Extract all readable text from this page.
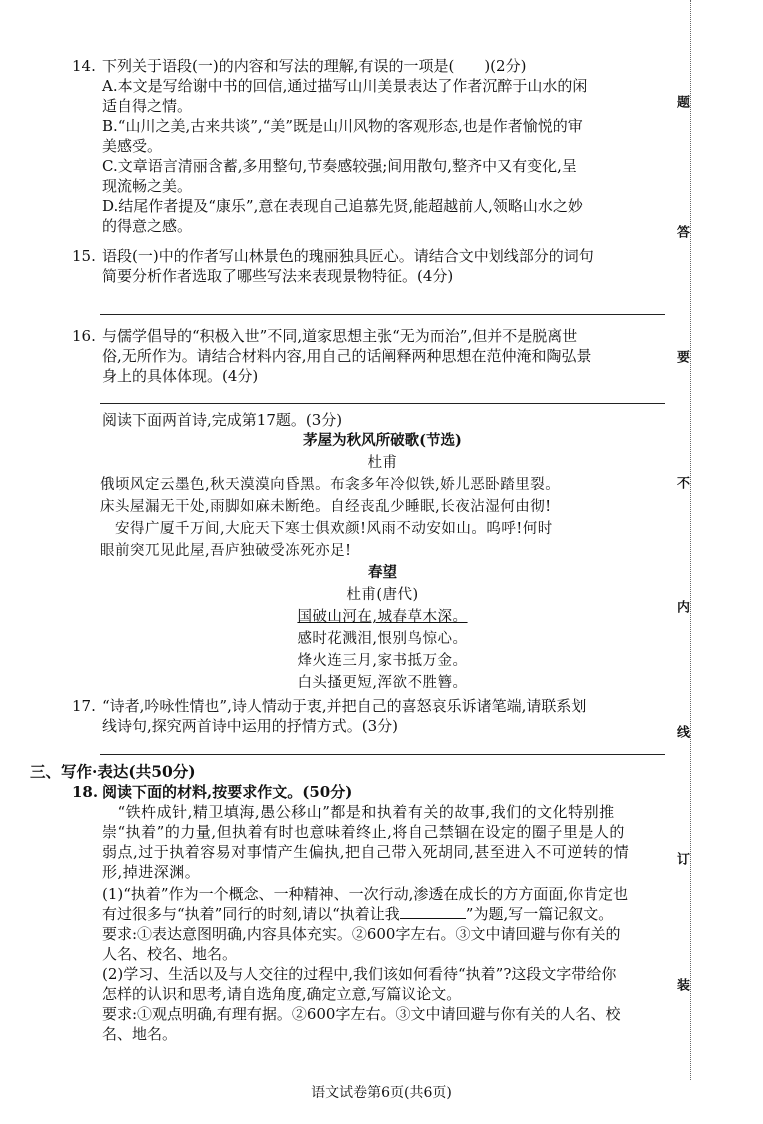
14. 下列关于语段(一)的内容和写法的理解,有误的一项是(　　)(2分)
A.本文是写给谢中书的回信,通过描写山川美景表达了作者沉醉于山水的闲
适自得之情。
B.“山川之美,古来共谈”,“美”既是山川风物的客观形态,也是作者愉悦的审
美感受。
C.文章语言清丽含蓄,多用整句,节奏感较强;间用散句,整齐中又有变化,呈
现流畅之美。
D.结尾作者提及“康乐”,意在表现自己追慕先贤,能超越前人,领略山水之妙
的得意之感。
15. 语段(一)中的作者写山林景色的瑰丽独具匠心。请结合文中划线部分的词句
简要分析作者选取了哪些写法来表现景物特征。(4分)
16. 与儒学倡导的“积极入世”不同,道家思想主张“无为而治”,但并不是脱离世
俗,无所作为。请结合材料内容,用自己的话阐释两种思想在范仲淹和陶弘景
身上的具体体现。(4分)
阅读下面两首诗,完成第17题。(3分)
茅屋为秋风所破歌(节选)
杜甫
俄顷风定云墨色,秋天漠漠向昏黑。布衾多年冷似铁,娇儿恶卧踏里裂。
床头屋漏无干处,雨脚如麻未断绝。自经丧乱少睡眠,长夜沾湿何由彻!
　安得广厦千万间,大庇天下寒士俱欢颜!风雨不动安如山。呜呼!何时
眼前突兀见此屋,吾庐独破受冻死亦足!
春望
杜甫(唐代)
国破山河在,城春草木深。
感时花溅泪,恨别鸟惊心。
烽火连三月,家书抵万金。
白头搔更短,浑欲不胜簪。
17. “诗者,吟咏性情也”,诗人情动于衷,并把自己的喜怒哀乐诉诸笔端,请联系划
线诗句,探究两首诗中运用的抒情方式。(3分)
三、写作·表达(共50分)
18. 阅读下面的材料,按要求作文。(50分)
　“铁杵成针,精卫填海,愚公移山”都是和执着有关的故事,我们的文化特别推
崇“执着”的力量,但执着有时也意味着终止,将自己禁锢在设定的圈子里是人的
弱点,过于执着容易对事情产生偏执,把自己带入死胡同,甚至进入不可逆转的情
形,掉进深渊。
(1)“执着”作为一个概念、一种精神、一次行动,渗透在成长的方方面面,你肯定也
有过很多与“执着”同行的时刻,请以“执着让我	”为题,写一篇记叙文。
要求:①表达意图明确,内容具体充实。②600字左右。③文中请回避与你有关的
人名、校名、地名。
(2)学习、生活以及与人交往的过程中,我们该如何看待“执着”?这段文字带给你
怎样的认识和思考,请自选角度,确定立意,写篇议论文。
要求:①观点明确,有理有据。②600字左右。③文中请回避与你有关的人名、校
名、地名。
语文试卷第6页(共6页)
题
答
要
不
内
线
订
装
